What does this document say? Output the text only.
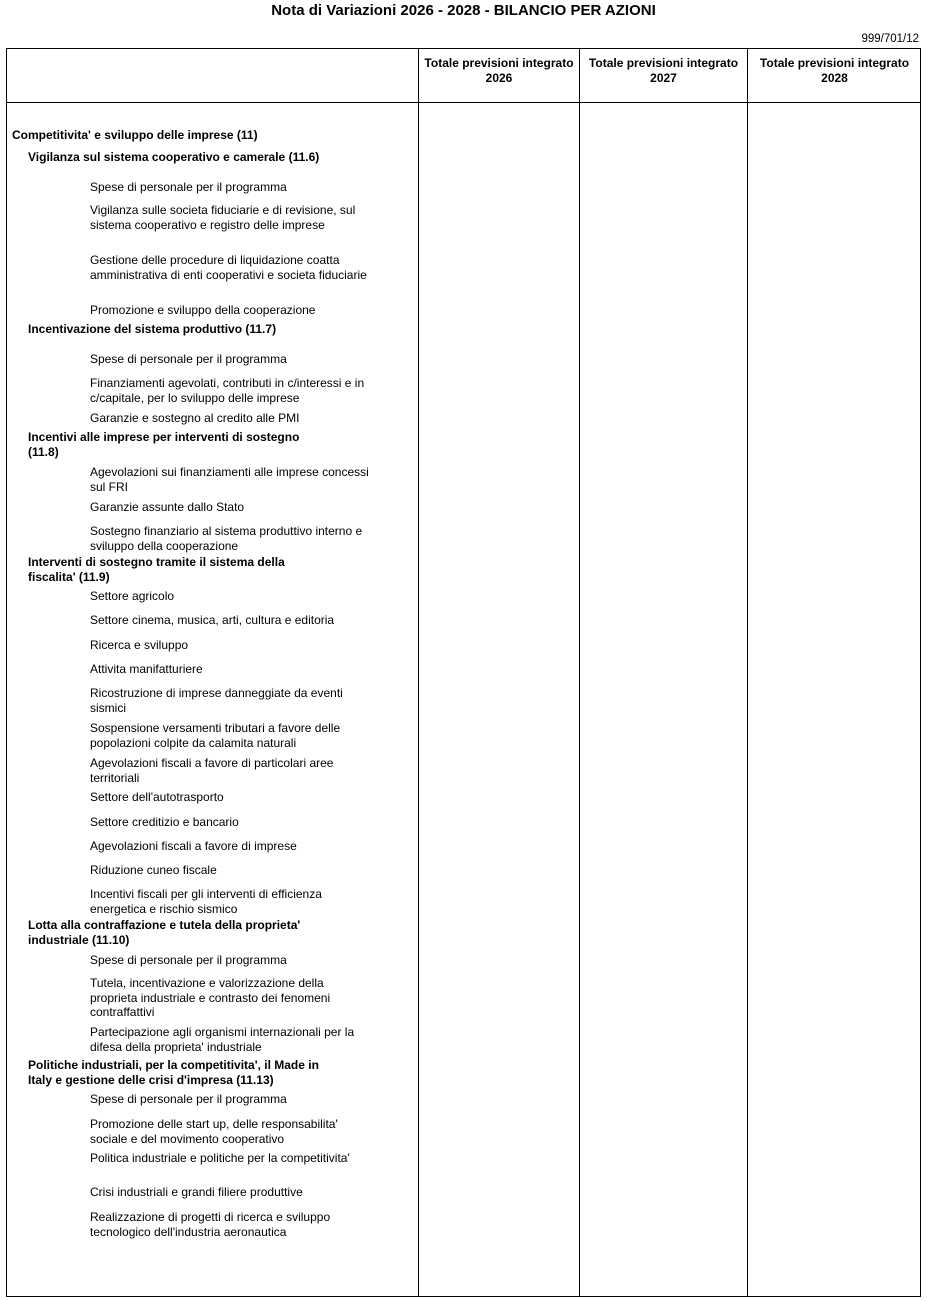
Nota di Variazioni 2026 - 2028 - BILANCIO PER AZIONI
999/701/12
Totale previsioni integrato 2026
Totale previsioni integrato 2027
Totale previsioni integrato 2028
Competitivita' e sviluppo delle imprese (11)
Vigilanza sul sistema cooperativo e camerale (11.6)
Spese di personale per il programma
Vigilanza sulle societa fiduciarie e di revisione, sul sistema cooperativo e registro delle imprese
Gestione delle procedure di liquidazione coatta amministrativa di enti cooperativi e societa fiduciarie
Promozione e sviluppo della cooperazione
Incentivazione del sistema produttivo (11.7)
Spese di personale per il programma
Finanziamenti agevolati, contributi in c/interessi e in c/capitale, per lo sviluppo delle imprese
Garanzie e sostegno al credito alle PMI
Incentivi alle imprese per interventi di sostegno (11.8)
Agevolazioni sui finanziamenti alle imprese concessi sul FRI
Garanzie assunte dallo Stato
Sostegno finanziario al sistema produttivo interno e sviluppo della cooperazione
Interventi di sostegno tramite il sistema della fiscalita' (11.9)
Settore agricolo
Settore cinema, musica, arti, cultura e editoria
Ricerca e sviluppo
Attivita manifatturiere
Ricostruzione di imprese danneggiate da eventi sismici
Sospensione versamenti tributari a favore delle popolazioni colpite da calamita naturali
Agevolazioni fiscali a favore di particolari aree territoriali
Settore dell'autotrasporto
Settore creditizio e bancario
Agevolazioni fiscali a favore di imprese
Riduzione cuneo fiscale
Incentivi fiscali per gli interventi di efficienza energetica e rischio sismico
Lotta alla contraffazione e tutela della proprieta' industriale (11.10)
Spese di personale per il programma
Tutela, incentivazione e valorizzazione della proprieta industriale e contrasto dei fenomeni contraffattivi
Partecipazione agli organismi internazionali per la difesa della proprieta' industriale
Politiche industriali, per la competitivita', il Made in Italy e gestione delle crisi d'impresa (11.13)
Spese di personale per il programma
Promozione delle start up, delle responsabilita' sociale e del movimento cooperativo
Politica industriale e politiche per la competitivita'
Crisi industriali e grandi filiere produttive
Realizzazione di progetti di ricerca e sviluppo tecnologico dell'industria aeronautica
